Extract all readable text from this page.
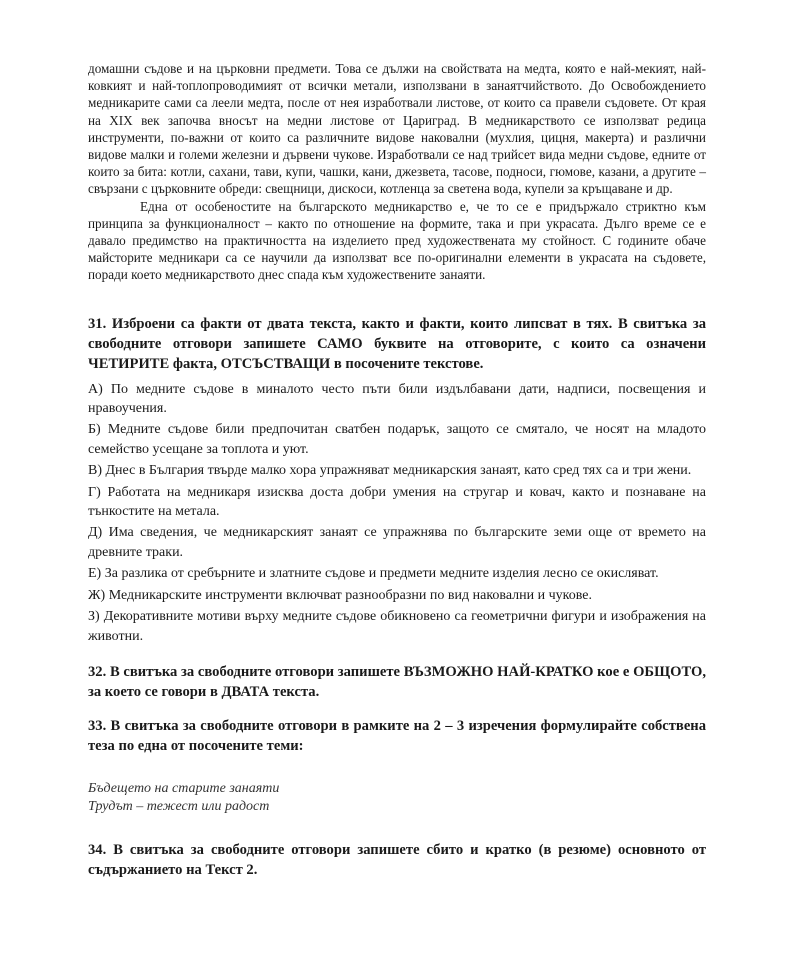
домашни съдове и на църковни предмети. Това се дължи на свойствата на медта, която е най-мекият, най-ковкият и най-топлопроводимият от всички метали, използвани в занаятчийството. До Освобождението медникарите сами са леели медта, после от нея изработвали листове, от които са правели съдовете. От края на XIX век започва вносът на медни листове от Цариград. В медникарството се използват редица инструменти, по-важни от които са различните видове наковални (мухлия, цицня, макерта) и различни видове малки и големи железни и дървени чукове. Изработвали се над трийсет вида медни съдове, едните от които за бита: котли, сахани, тави, купи, чашки, кани, джезвета, тасове, подноси, гюмове, казани, а другите – свързани с църковните обреди: свещници, дискоси, котленца за светена вода, купели за кръщаване и др.

Една от особеностите на българското медникарство е, че то се е придържало стриктно към принципа за функционалност – както по отношение на формите, така и при украсата. Дълго време се е давало предимство на практичността на изделието пред художествената му стойност. С годините обаче майсторите медникари са се научили да използват все по-оригинални елементи в украсата на съдовете, поради което медникарството днес спада към художествените занаяти.

31. Изброени са факти от двата текста, както и факти, които липсват в тях. В свитъка за свободните отговори запишете САМО буквите на отговорите, с които са означени ЧЕТИРИТЕ факта, ОТСЪСТВАЩИ в посочените текстове.

А) По медните съдове в миналото често пъти били издълбавани дати, надписи, посвещения и нравоучения.

Б) Медните съдове били предпочитан сватбен подарък, защото се смятало, че носят на младото семейство усещане за топлота и уют.

В) Днес в България твърде малко хора упражняват медникарския занаят, като сред тях са и три жени.

Г) Работата на медникаря изисква доста добри умения на стругар и ковач, както и познаване на тънкостите на метала.

Д) Има сведения, че медникарският занаят се упражнява по българските земи още от времето на древните траки.

Е) За разлика от сребърните и златните съдове и предмети медните изделия лесно се окисляват.

Ж) Медникарските инструменти включват разнообразни по вид наковални и чукове.

З) Декоративните мотиви върху медните съдове обикновено са геометрични фигури и изображения на животни.

32. В свитъка за свободните отговори запишете ВЪЗМОЖНО НАЙ-КРАТКО кое е ОБЩОТО, за което се говори в ДВАТА текста.

33. В свитъка за свободните отговори в рамките на 2 – 3 изречения формулирайте собствена теза по една от посочените теми:

Бъдещето на старите занаяти

Трудът – тежест или радост

34. В свитъка за свободните отговори запишете сбито и кратко (в резюме) основното от съдържанието на Текст 2.
